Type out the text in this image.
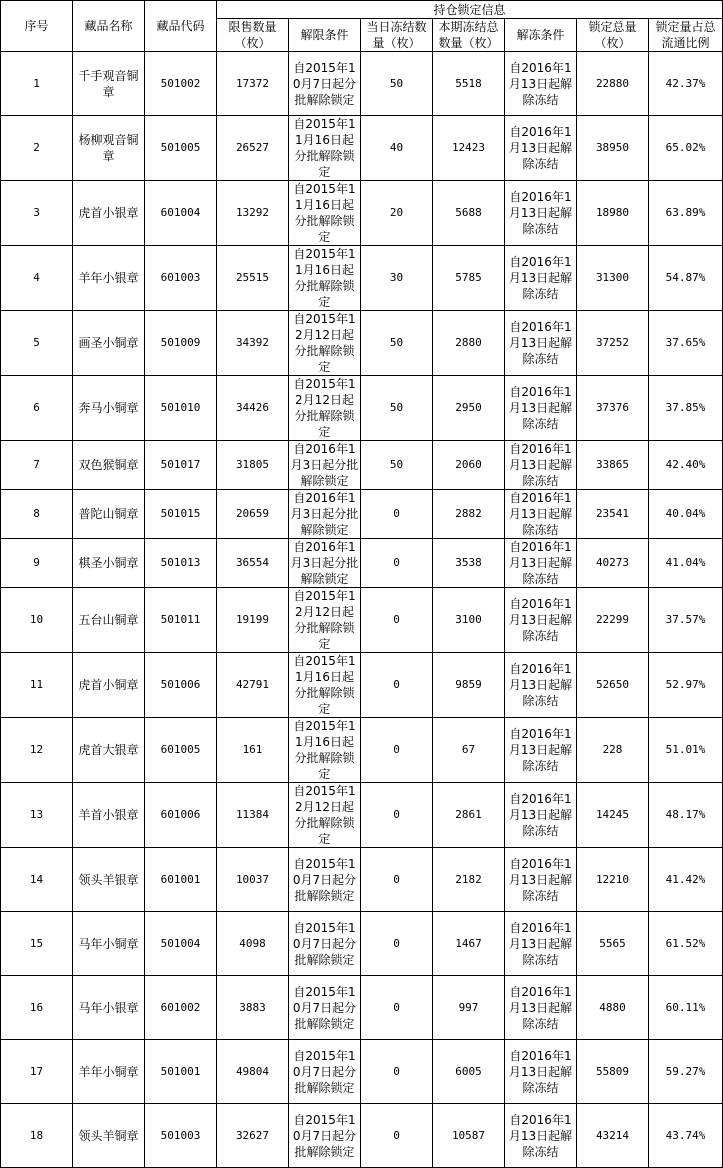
序号	藏品名称	藏品代码	持仓锁定信息						
			限售数量（枚）	解限条件	当日冻结数量（枚）	本期冻结总数量（枚）	解冻条件	锁定总量（枚）	锁定量占总流通比例
1	千手观音铜章	501002	17372	自2015年10月7日起分批解除锁定	50	5518	自2016年1月13日起解除冻结	22880	42.37%
2	杨柳观音铜章	501005	26527	自2015年11月16日起分批解除锁定	40	12423	自2016年1月13日起解除冻结	38950	65.02%
3	虎首小银章	601004	13292	自2015年11月16日起分批解除锁定	20	5688	自2016年1月13日起解除冻结	18980	63.89%
4	羊年小银章	601003	25515	自2015年11月16日起分批解除锁定	30	5785	自2016年1月13日起解除冻结	31300	54.87%
5	画圣小铜章	501009	34392	自2015年12月12日起分批解除锁定	50	2880	自2016年1月13日起解除冻结	37252	37.65%
6	奔马小铜章	501010	34426	自2015年12月12日起分批解除锁定	50	2950	自2016年1月13日起解除冻结	37376	37.85%
7	双色猴铜章	501017	31805	自2016年1月3日起分批解除锁定	50	2060	自2016年1月13日起解除冻结	33865	42.40%
8	普陀山铜章	501015	20659	自2016年1月3日起分批解除锁定	0	2882	自2016年1月13日起解除冻结	23541	40.04%
9	棋圣小铜章	501013	36554	自2016年1月3日起分批解除锁定	0	3538	自2016年1月13日起解除冻结	40273	41.04%
10	五台山铜章	501011	19199	自2015年12月12日起分批解除锁定	0	3100	自2016年1月13日起解除冻结	22299	37.57%
11	虎首小铜章	501006	42791	自2015年11月16日起分批解除锁定	0	9859	自2016年1月13日起解除冻结	52650	52.97%
12	虎首大银章	601005	161	自2015年11月16日起分批解除锁定	0	67	自2016年1月13日起解除冻结	228	51.01%
13	羊首小银章	601006	11384	自2015年12月12日起分批解除锁定	0	2861	自2016年1月13日起解除冻结	14245	48.17%
14	领头羊银章	601001	10037	自2015年10月7日起分批解除锁定	0	2182	自2016年1月13日起解除冻结	12210	41.42%
15	马年小铜章	501004	4098	自2015年10月7日起分批解除锁定	0	1467	自2016年1月13日起解除冻结	5565	61.52%
16	马年小银章	601002	3883	自2015年10月7日起分批解除锁定	0	997	自2016年1月13日起解除冻结	4880	60.11%
17	羊年小铜章	501001	49804	自2015年10月7日起分批解除锁定	0	6005	自2016年1月13日起解除冻结	55809	59.27%
18	领头羊铜章	501003	32627	自2015年10月7日起分批解除锁定	0	10587	自2016年1月13日起解除冻结	43214	43.74%
